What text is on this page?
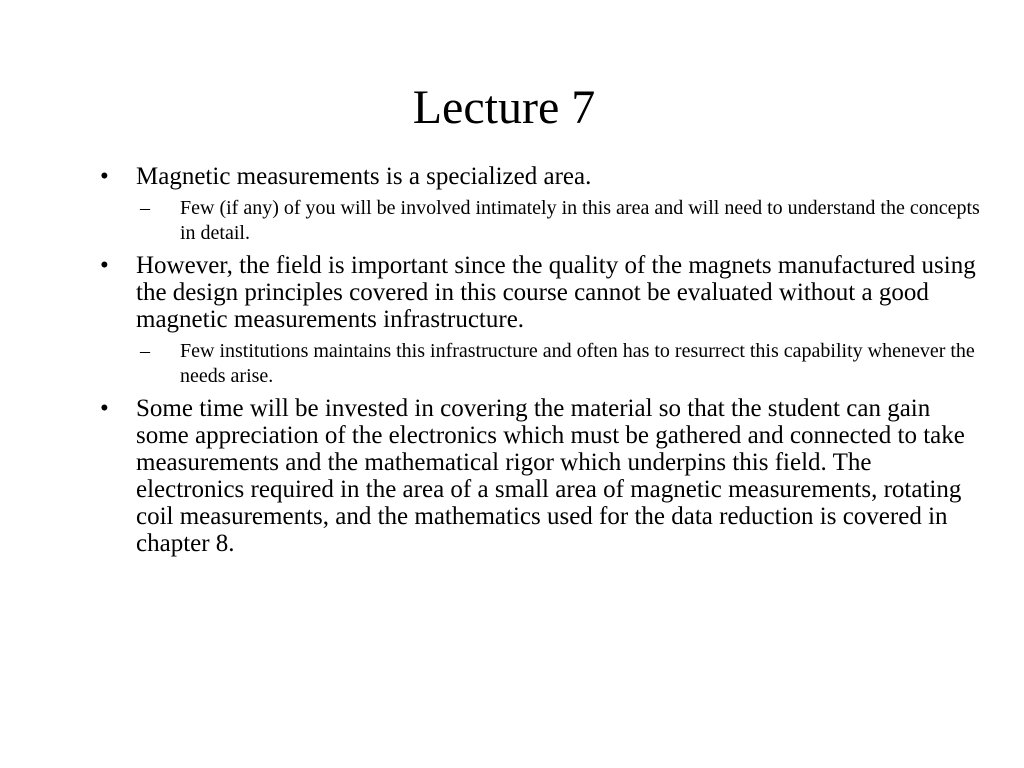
Lecture 7
•	Magnetic measurements is a specialized area.
–	Few (if any) of you will be involved intimately in this area and will need to understand the concepts in detail.
•	However, the field is important since the quality of the magnets manufactured using the design principles covered in this course cannot be evaluated without a good magnetic measurements infrastructure.
–	Few institutions maintains this infrastructure and often has to resurrect this capability whenever the needs arise.
•	Some time will be invested in covering the material so that the student can gain some appreciation of the electronics which must be gathered and connected to take measurements and the mathematical rigor which underpins this field. The electronics required in the area of a small area of magnetic measurements, rotating coil measurements, and the mathematics used for the data reduction is covered in chapter 8.
